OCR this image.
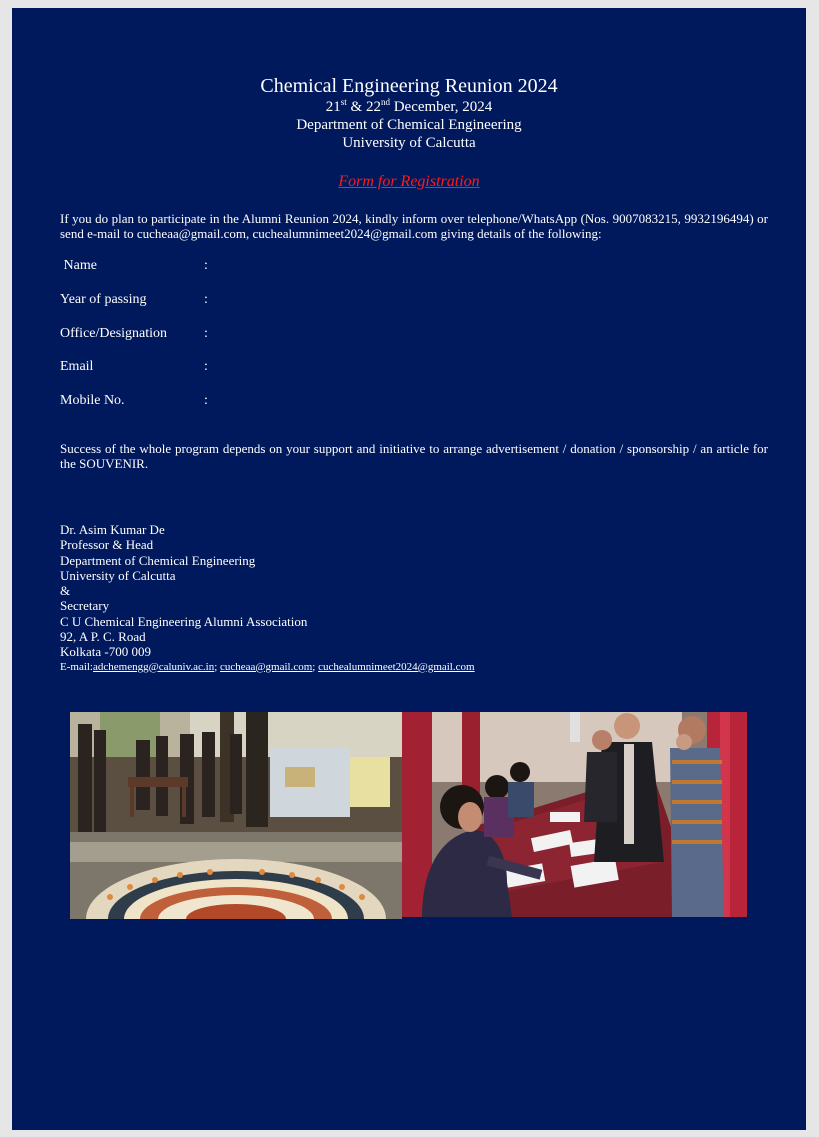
Chemical Engineering Reunion 2024
21st & 22nd December, 2024
Department of Chemical Engineering
University of Calcutta
Form for Registration
If you do plan to participate in the Alumni Reunion 2024, kindly inform over telephone/WhatsApp (Nos. 9007083215, 9932196494) or send e-mail to cucheaa@gmail.com, cuchealumnimeet2024@gmail.com giving details of the following:
Name	:
Year of passing	:
Office/Designation	:
Email	:
Mobile No.	:
Success of the whole program depends on your support and initiative to arrange advertisement / donation / sponsorship / an article for the SOUVENIR.
Dr. Asim Kumar De
Professor & Head
Department of Chemical Engineering
University of Calcutta
&
Secretary
C U Chemical Engineering Alumni Association
92, A P. C. Road
Kolkata -700 009
E-mail:adchemengg@caluniv.ac.in; cucheaa@gmail.com; cuchealumnimeet2024@gmail.com
